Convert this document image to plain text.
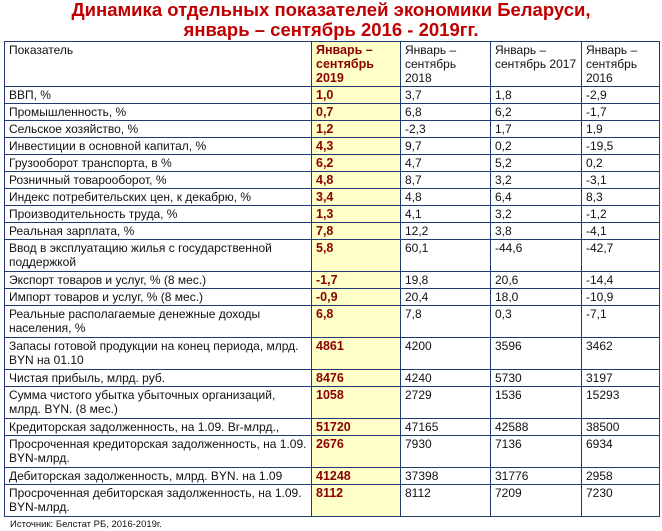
Динамика отдельных показателей экономики Беларуси,
январь – сентябрь 2016 - 2019гг.
Показатель	Январь – сентябрь 2019	Январь – сентябрь 2018	Январь – сентябрь 2017	Январь – сентябрь 2016
ВВП, %	1,0	3,7	1,8	-2,9
Промышленность, %	0,7	6,8	6,2	-1,7
Сельское хозяйство, %	1,2	-2,3	1,7	1,9
Инвестиции в основной капитал, %	4,3	9,7	0,2	-19,5
Грузооборот транспорта, в %	6,2	4,7	5,2	0,2
Розничный товарооборот, %	4,8	8,7	3,2	-3,1
Индекс потребительских цен, к декабрю, %	3,4	4,8	6,4	8,3
Производительность труда, %	1,3	4,1	3,2	-1,2
Реальная зарплата, %	7,8	12,2	3,8	-4,1
Ввод в эксплуатацию жилья с государственной поддержкой	5,8	60,1	-44,6	-42,7
Экспорт товаров и услуг, % (8 мес.)	-1,7	19,8	20,6	-14,4
Импорт товаров и услуг, % (8 мес.)	-0,9	20,4	18,0	-10,9
Реальные располагаемые денежные доходы населения, %	6,8	7,8	0,3	-7,1
Запасы готовой продукции на конец периода, млрд. BYN на 01.10	4861	4200	3596	3462
Чистая прибыль, млрд. руб.	8476	4240	5730	3197
Сумма чистого убытка убыточных организаций, млрд. BYN. (8 мес.)	1058	2729	1536	15293
Кредиторская задолженность, на 1.09. Br-млрд.,	51720	47165	42588	38500
Просроченная кредиторская задолженность, на 1.09. BYN-млрд.	2676	7930	7136	6934
Дебиторская задолженность, млрд. BYN. на 1.09	41248	37398	31776	2958
Просроченная дебиторская задолженность, на 1.09. BYN-млрд.	8112	8112	7209	7230
Источник: Белстат РБ, 2016-2019г.
